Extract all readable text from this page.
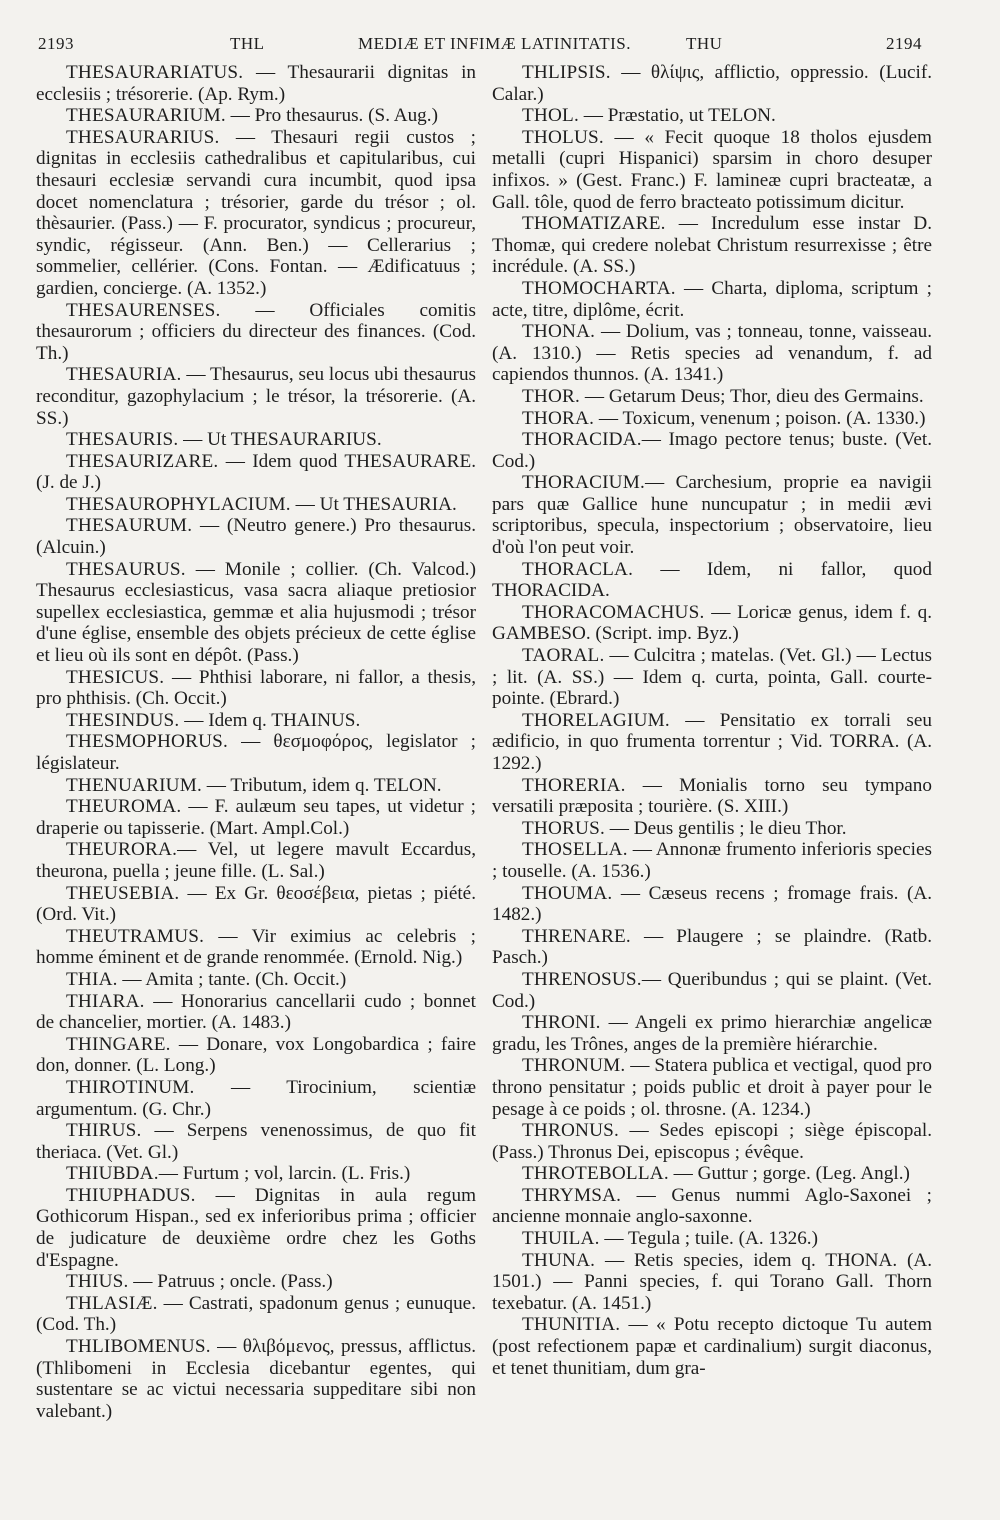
2193	THL	MEDIÆ ET INFIMÆ LATINITATIS.	THU	2194

THESAURARIATUS. — Thesaurarii dignitas in ecclesiis ; trésorerie. (Ap. Rym.)

THESAURARIUM. — Pro thesaurus. (S. Aug.)

THESAURARIUS. — Thesauri regii custos ; dignitas in ecclesiis cathedralibus et capitularibus, cui thesauri ecclesiæ servandi cura incumbit, quod ipsa docet nomenclatura ; trésorier, garde du trésor ; ol. thèsaurier. (Pass.) — F. procurator, syndicus ; procureur, syndic, régisseur. (Ann. Ben.) — Cellerarius ; sommelier, cellérier. (Cons. Fontan. — Ædificatuus ; gardien, concierge. (A. 1352.)

THESAURENSES. — Officiales comitis thesaurorum ; officiers du directeur des finances. (Cod. Th.)

THESAURIA. — Thesaurus, seu locus ubi thesaurus reconditur, gazophylacium ; le trésor, la trésorerie. (A. SS.)

THESAURIS. — Ut THESAURARIUS.

THESAURIZARE. — Idem quod THESAURARE. (J. de J.)

THESAUROPHYLACIUM. — Ut THESAURIA.

THESAURUM. — (Neutro genere.) Pro thesaurus. (Alcuin.)

THESAURUS. — Monile ; collier. (Ch. Valcod.) Thesaurus ecclesiasticus, vasa sacra aliaque pretiosior supellex ecclesiastica, gemmæ et alia hujusmodi ; trésor d'une église, ensemble des objets précieux de cette église et lieu où ils sont en dépôt. (Pass.)

THESICUS. — Phthisi laborare, ni fallor, a thesis, pro phthisis. (Ch. Occit.)

THESINDUS. — Idem q. THAINUS.

THESMOPHORUS. — θεσμοφόρος, legislator ; législateur.

THENUARIUM. — Tributum, idem q. TELON.

THEUROMA. — F. aulæum seu tapes, ut videtur ; draperie ou tapisserie. (Mart. Ampl.Col.)

THEURORA.— Vel, ut legere mavult Eccardus, theurona, puella ; jeune fille. (L. Sal.)

THEUSEBIA. — Ex Gr. θεοσέβεια, pietas ; piété. (Ord. Vit.)

THEUTRAMUS. — Vir eximius ac celebris ; homme éminent et de grande renommée. (Ernold. Nig.)

THIA. — Amita ; tante. (Ch. Occit.)

THIARA. — Honorarius cancellarii cudo ; bonnet de chancelier, mortier. (A. 1483.)

THINGARE. — Donare, vox Longobardica ; faire don, donner. (L. Long.)

THIROTINUM. — Tirocinium, scientiæ argumentum. (G. Chr.)

THIRUS. — Serpens venenossimus, de quo fit theriaca. (Vet. Gl.)

THIUBDA.— Furtum ; vol, larcin. (L. Fris.)

THIUPHADUS. — Dignitas in aula regum Gothicorum Hispan., sed ex inferioribus prima ; officier de judicature de deuxième ordre chez les Goths d'Espagne.

THIUS. — Patruus ; oncle. (Pass.)

THLASIÆ. — Castrati, spadonum genus ; eunuque. (Cod. Th.)

THLIBOMENUS. — θλιβόμενος, pressus, afflictus. (Thlibomeni in Ecclesia dicebantur egentes, qui sustentare se ac victui necessaria suppeditare sibi non valebant.)

THLIPSIS. — θλίψις, afflictio, oppressio. (Lucif. Calar.)

THOL. — Præstatio, ut TELON.

THOLUS. — « Fecit quoque 18 tholos ejusdem metalli (cupri Hispanici) sparsim in choro desuper infixos. » (Gest. Franc.) F. lamineæ cupri bracteatæ, a Gall. tôle, quod de ferro bracteato potissimum dicitur.

THOMATIZARE. — Incredulum esse instar D. Thomæ, qui credere nolebat Christum resurrexisse ; être incrédule. (A. SS.)

THOMOCHARTA. — Charta, diploma, scriptum ; acte, titre, diplôme, écrit.

THONA. — Dolium, vas ; tonneau, tonne, vaisseau. (A. 1310.) — Retis species ad venandum, f. ad capiendos thunnos. (A. 1341.)

THOR. — Getarum Deus; Thor, dieu des Germains.

THORA. — Toxicum, venenum ; poison. (A. 1330.)

THORACIDA.— Imago pectore tenus; buste. (Vet. Cod.)

THORACIUM.— Carchesium, proprie ea navigii pars quæ Gallice hune nuncupatur ; in medii ævi scriptoribus, specula, inspectorium ; observatoire, lieu d'où l'on peut voir.

THORACLA. — Idem, ni fallor, quod THORACIDA.

THORACOMACHUS. — Loricæ genus, idem f. q. GAMBESO. (Script. imp. Byz.)

TAORAL. — Culcitra ; matelas. (Vet. Gl.) — Lectus ; lit. (A. SS.) — Idem q. curta, pointa, Gall. courte-pointe. (Ebrard.)

THORELAGIUM. — Pensitatio ex torrali seu ædificio, in quo frumenta torrentur ; Vid. TORRA. (A. 1292.)

THORERIA. — Monialis torno seu tympano versatili præposita ; tourière. (S. XIII.)

THORUS. — Deus gentilis ; le dieu Thor.

THOSELLA. — Annonæ frumento inferioris species ; touselle. (A. 1536.)

THOUMA. — Cæseus recens ; fromage frais. (A. 1482.)

THRENARE. — Plaugere ; se plaindre. (Ratb. Pasch.)

THRENOSUS.— Queribundus ; qui se plaint. (Vet. Cod.)

THRONI. — Angeli ex primo hierarchiæ angelicæ gradu, les Trônes, anges de la première hiérarchie.

THRONUM. — Statera publica et vectigal, quod pro throno pensitatur ; poids public et droit à payer pour le pesage à ce poids ; ol. throsne. (A. 1234.)

THRONUS. — Sedes episcopi ; siège épiscopal. (Pass.) Thronus Dei, episcopus ; évêque.

THROTEBOLLA. — Guttur ; gorge. (Leg. Angl.)

THRYMSA. — Genus nummi Aglo-Saxonei ; ancienne monnaie anglo-saxonne.

THUILA. — Tegula ; tuile. (A. 1326.)

THUNA. — Retis species, idem q. THONA. (A. 1501.) — Panni species, f. qui Torano Gall. Thorn texebatur. (A. 1451.)

THUNITIA. — « Potu recepto dictoque Tu autem (post refectionem papæ et cardinalium) surgit diaconus, et tenet thunitiam, dum gra-
